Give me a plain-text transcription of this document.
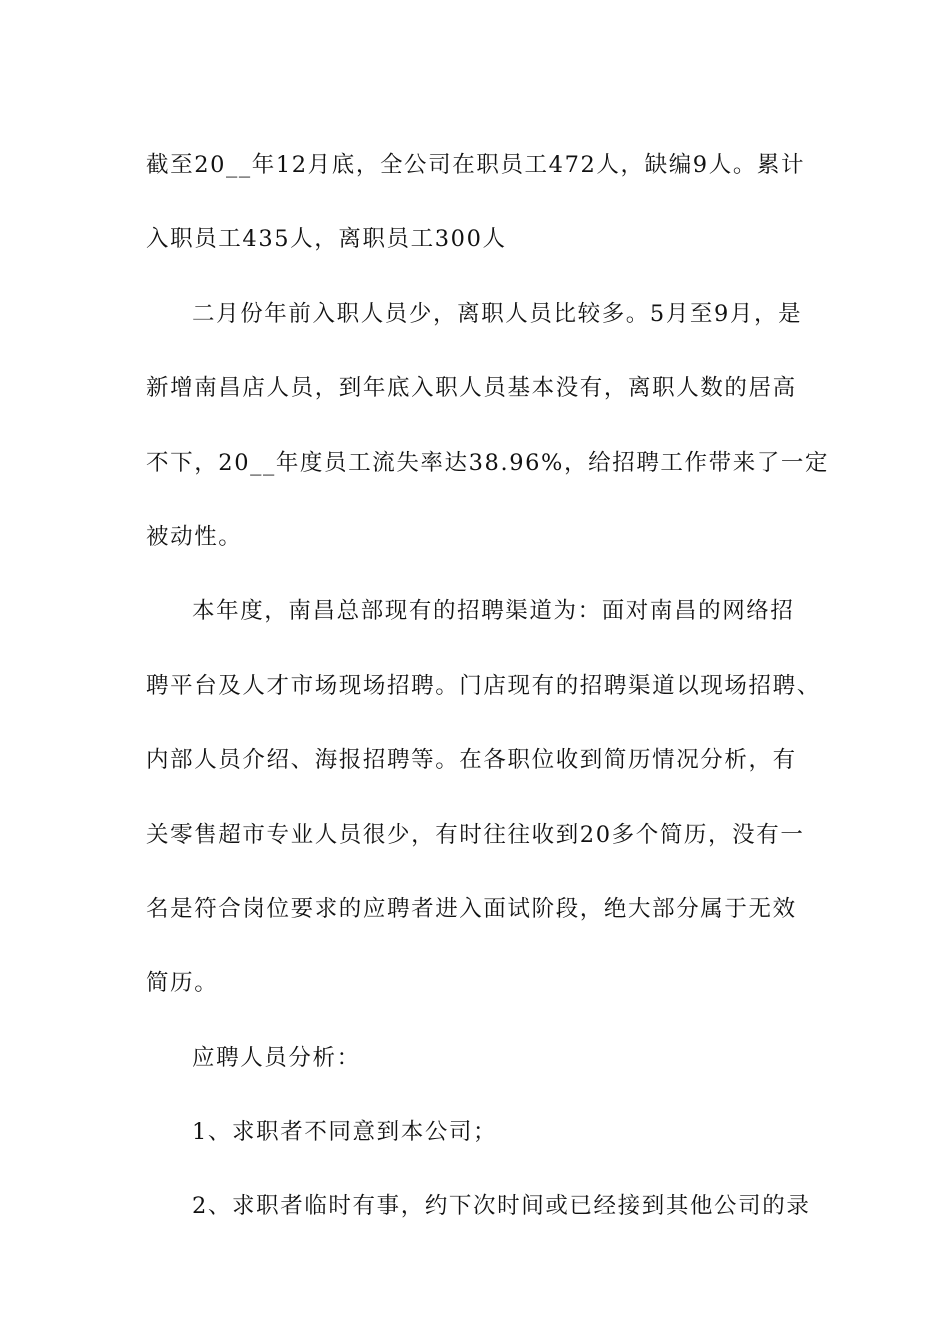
截至20__年12月底，全公司在职员工472人，缺编9人。累计
入职员工435人，离职员工300人
二月份年前入职人员少，离职人员比较多。5月至9月，是
新增南昌店人员，到年底入职人员基本没有，离职人数的居高
不下，20__年度员工流失率达38.96%，给招聘工作带来了一定
被动性。
本年度，南昌总部现有的招聘渠道为：面对南昌的网络招
聘平台及人才市场现场招聘。门店现有的招聘渠道以现场招聘、
内部人员介绍、海报招聘等。在各职位收到简历情况分析，有
关零售超市专业人员很少，有时往往收到20多个简历，没有一
名是符合岗位要求的应聘者进入面试阶段，绝大部分属于无效
简历。
应聘人员分析：
1、求职者不同意到本公司；
2、求职者临时有事，约下次时间或已经接到其他公司的录
